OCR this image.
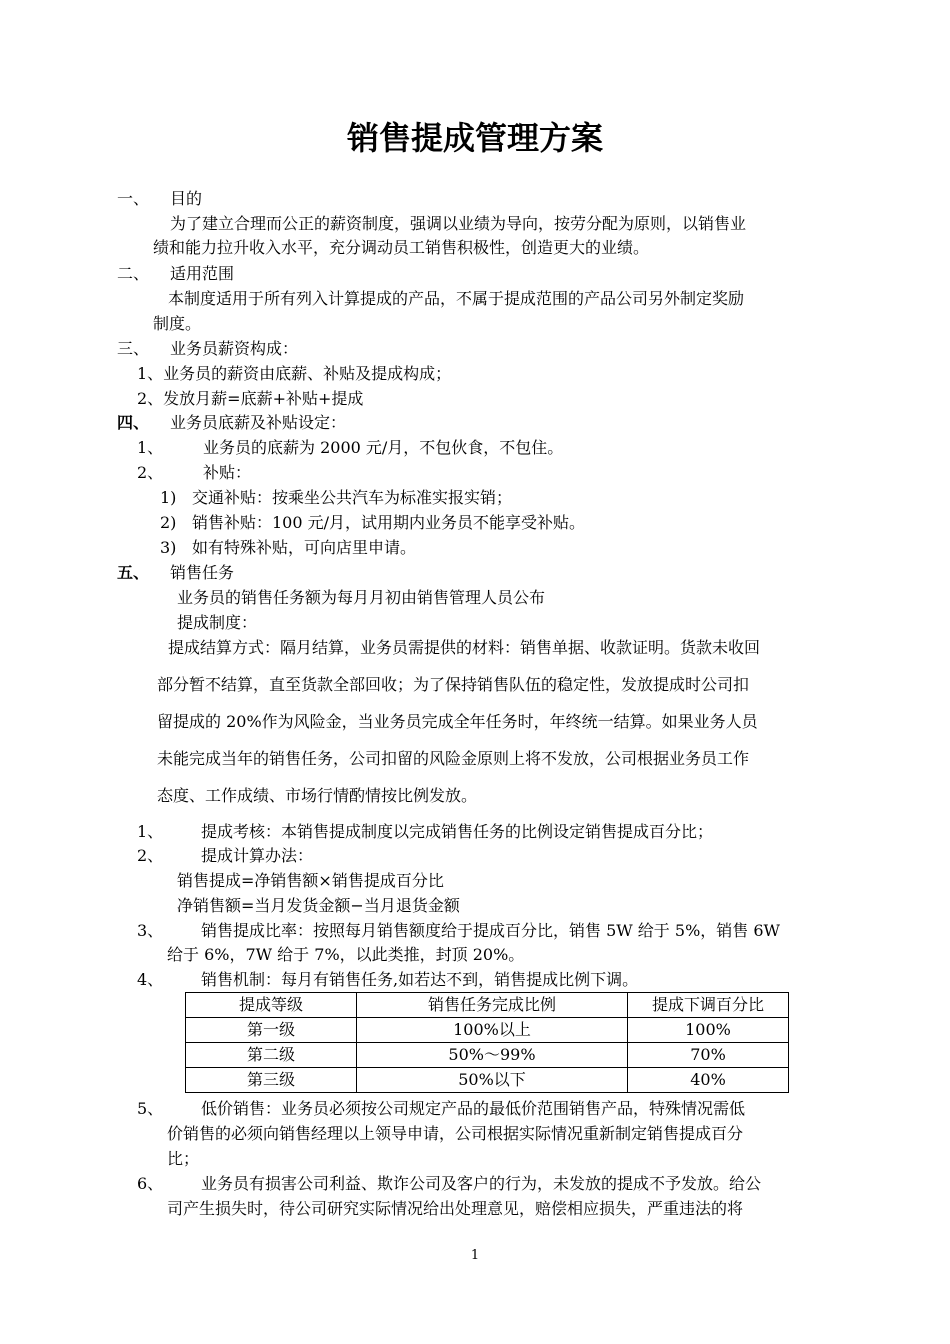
销售提成管理方案
一、 目的
为了建立合理而公正的薪资制度，强调以业绩为导向，按劳分配为原则，以销售业
绩和能力拉升收入水平，充分调动员工销售积极性，创造更大的业绩。
二、 适用范围
本制度适用于所有列入计算提成的产品，不属于提成范围的产品公司另外制定奖励
制度。
三、 业务员薪资构成：
1、业务员的薪资由底薪、补贴及提成构成；
2、发放月薪=底薪+补贴+提成
四、 业务员底薪及补贴设定：
1、 业务员的底薪为 2000 元/月，不包伙食，不包住。
2、 补贴：
1) 交通补贴：按乘坐公共汽车为标准实报实销；
2) 销售补贴：100 元/月，试用期内业务员不能享受补贴。
3) 如有特殊补贴，可向店里申请。
五、 销售任务
业务员的销售任务额为每月月初由销售管理人员公布
提成制度：
提成结算方式：隔月结算，业务员需提供的材料：销售单据、收款证明。货款未收回
部分暂不结算，直至货款全部回收；为了保持销售队伍的稳定性，发放提成时公司扣
留提成的 20%作为风险金，当业务员完成全年任务时，年终统一结算。如果业务人员
未能完成当年的销售任务，公司扣留的风险金原则上将不发放，公司根据业务员工作
态度、工作成绩、市场行情酌情按比例发放。
1、 提成考核：本销售提成制度以完成销售任务的比例设定销售提成百分比；
2、 提成计算办法：
销售提成=净销售额×销售提成百分比
净销售额=当月发货金额−当月退货金额
3、 销售提成比率：按照每月销售额度给于提成百分比，销售 5W 给于 5%，销售 6W
给于 6%，7W 给于 7%，以此类推，封顶 20%。
4、 销售机制：每月有销售任务,如若达不到，销售提成比例下调。
提成等级	销售任务完成比例	提成下调百分比
第一级	100%以上	100%
第二级	50%～99%	70%
第三级	50%以下	40%
5、 低价销售：业务员必须按公司规定产品的最低价范围销售产品，特殊情况需低
价销售的必须向销售经理以上领导申请，公司根据实际情况重新制定销售提成百分
比；
6、 业务员有损害公司利益、欺诈公司及客户的行为，未发放的提成不予发放。给公
司产生损失时，待公司研究实际情况给出处理意见，赔偿相应损失，严重违法的将
1
